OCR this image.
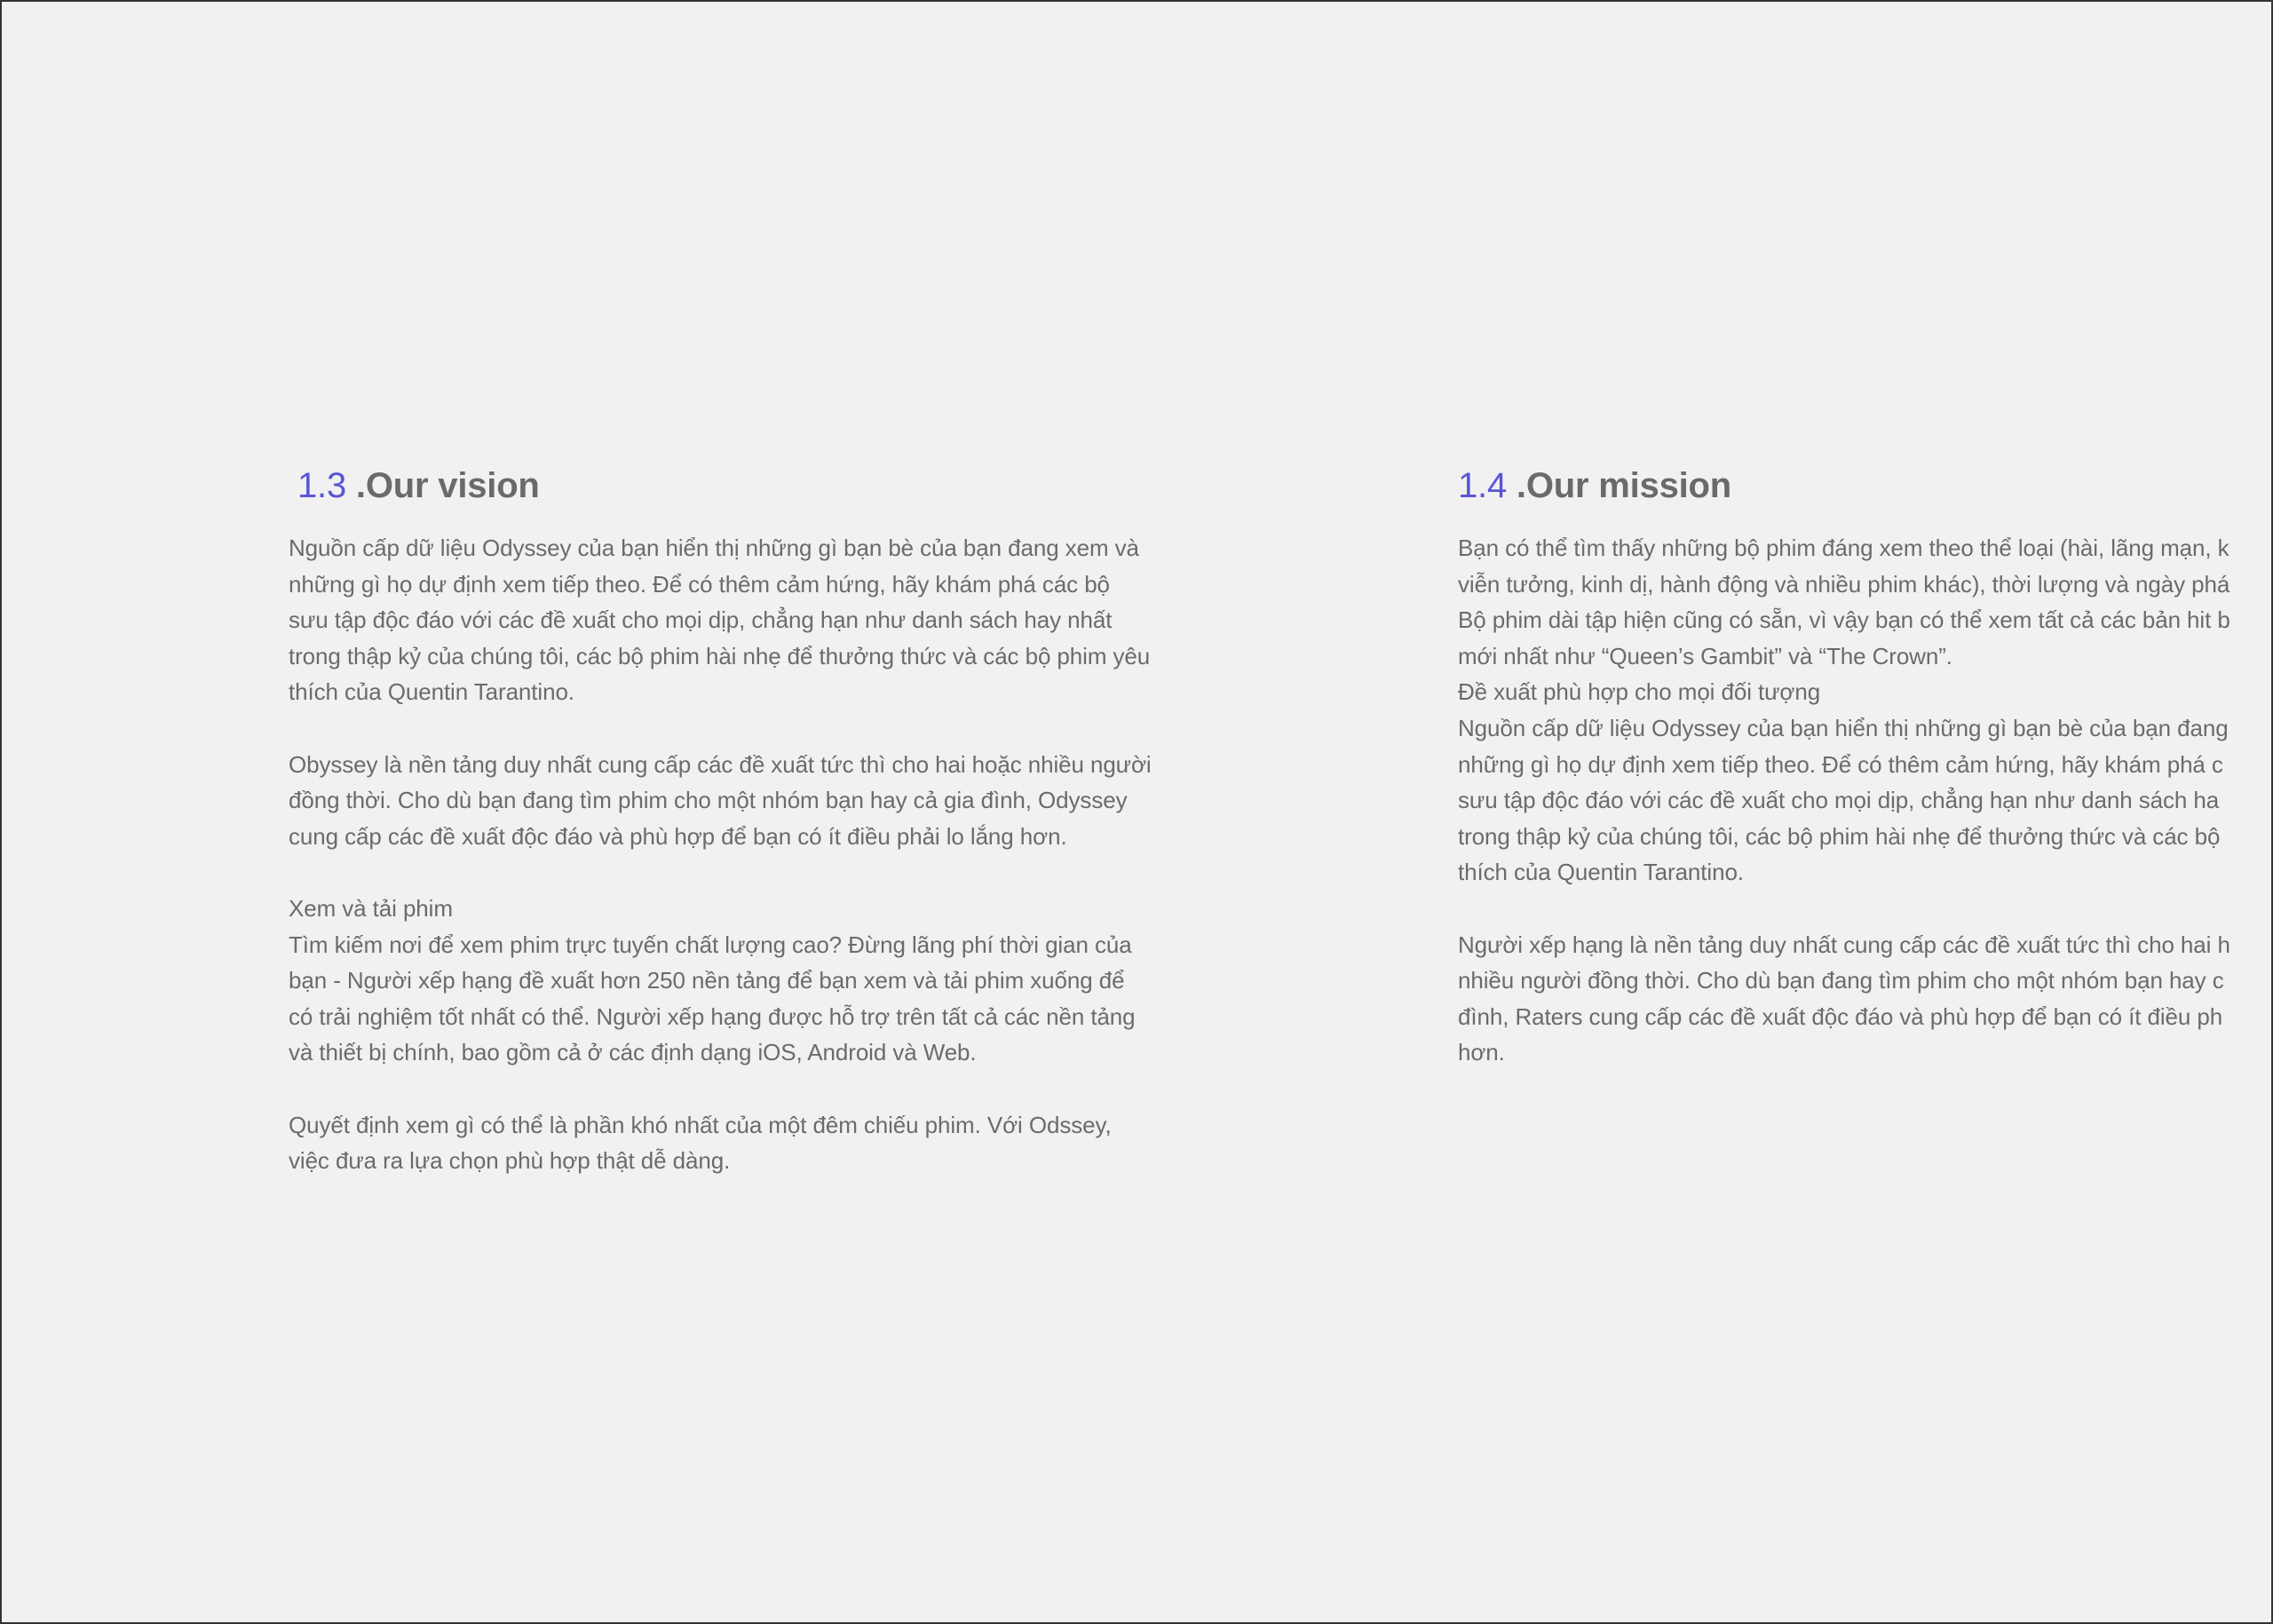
1.3 .Our vision

Nguồn cấp dữ liệu Odyssey của bạn hiển thị những gì bạn bè của bạn đang xem và
những gì họ dự định xem tiếp theo. Để có thêm cảm hứng, hãy khám phá các bộ
sưu tập độc đáo với các đề xuất cho mọi dịp, chẳng hạn như danh sách hay nhất
trong thập kỷ của chúng tôi, các bộ phim hài nhẹ để thưởng thức và các bộ phim yêu
thích của Quentin Tarantino.

Obyssey là nền tảng duy nhất cung cấp các đề xuất tức thì cho hai hoặc nhiều người
đồng thời. Cho dù bạn đang tìm phim cho một nhóm bạn hay cả gia đình, Odyssey
cung cấp các đề xuất độc đáo và phù hợp để bạn có ít điều phải lo lắng hơn.

Xem và tải phim
Tìm kiếm nơi để xem phim trực tuyến chất lượng cao? Đừng lãng phí thời gian của
bạn - Người xếp hạng đề xuất hơn 250 nền tảng để bạn xem và tải phim xuống để
có trải nghiệm tốt nhất có thể. Người xếp hạng được hỗ trợ trên tất cả các nền tảng
và thiết bị chính, bao gồm cả ở các định dạng iOS, Android và Web.

Quyết định xem gì có thể là phần khó nhất của một đêm chiếu phim. Với Odssey,
việc đưa ra lựa chọn phù hợp thật dễ dàng.

1.4 .Our mission

Bạn có thể tìm thấy những bộ phim đáng xem theo thể loại (hài, lãng mạn, k
viễn tưởng, kinh dị, hành động và nhiều phim khác), thời lượng và ngày phá
Bộ phim dài tập hiện cũng có sẵn, vì vậy bạn có thể xem tất cả các bản hit b
mới nhất như “Queen’s Gambit” và “The Crown”.
Đề xuất phù hợp cho mọi đối tượng
Nguồn cấp dữ liệu Odyssey của bạn hiển thị những gì bạn bè của bạn đang
những gì họ dự định xem tiếp theo. Để có thêm cảm hứng, hãy khám phá c
sưu tập độc đáo với các đề xuất cho mọi dịp, chẳng hạn như danh sách ha
trong thập kỷ của chúng tôi, các bộ phim hài nhẹ để thưởng thức và các bộ
thích của Quentin Tarantino.

Người xếp hạng là nền tảng duy nhất cung cấp các đề xuất tức thì cho hai h
nhiều người đồng thời. Cho dù bạn đang tìm phim cho một nhóm bạn hay c
đình, Raters cung cấp các đề xuất độc đáo và phù hợp để bạn có ít điều ph
hơn.
